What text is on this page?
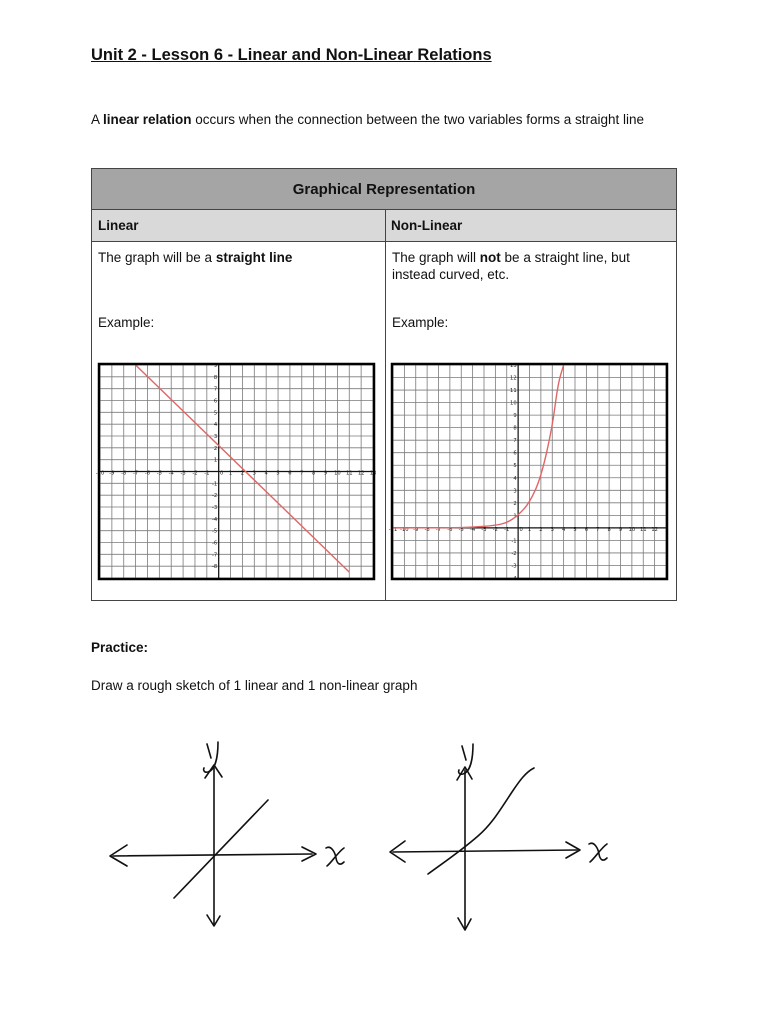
Unit 2 - Lesson 6 - Linear and Non-Linear Relations
A linear relation occurs when the connection between the two variables forms a straight line
Graphical Representation
Linear	Non-Linear
The graph will be a straight line
Example:
The graph will not be a straight line, but instead curved, etc.
Example:
-10 -9 -8 -7 -6 -5 -4 -3 -2 -1 0 1 2 3 4 5 6 7 8 9 10 11 12 13
9
8
7
6
5
4
3
2
1
-1
-2
-3
-4
-5
-6
-7
-8
-11 -10 -9 -8 -7 -6 -5 -4 -3 -2 -1 0 1 2 3 4 5 6 7 8 9 10 11 12
13
12
11
10
9
8
7
6
5
4
3
2
1
-1
-2
-3
-4
Practice:
Draw a rough sketch of 1 linear and 1 non-linear graph
